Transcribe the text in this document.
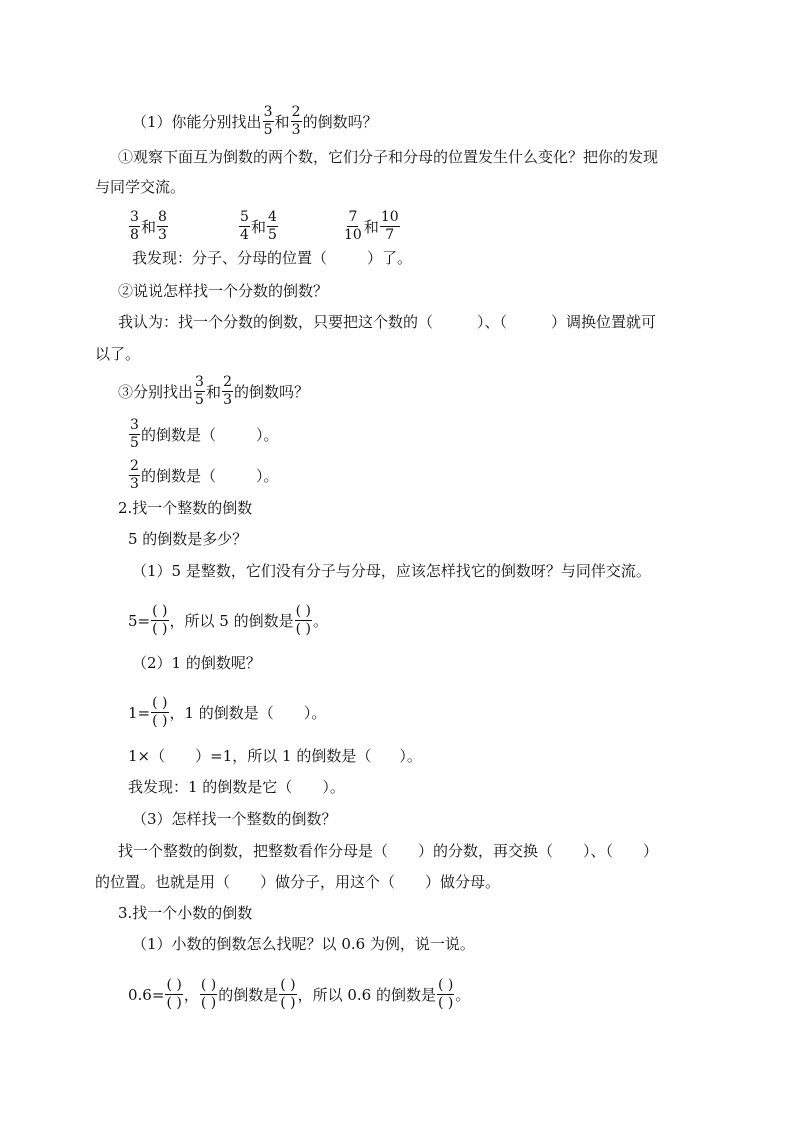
（1）你能分别找出 $\frac{3}{5}$ 和 $\frac{2}{3}$ 的倒数吗？
①观察下面互为倒数的两个数，它们分子和分母的位置发生什么变化？把你的发现
与同学交流。
$\frac{3}{8}$ 和 $\frac{8}{3}$	$\frac{5}{4}$ 和 $\frac{4}{5}$	$\frac{7}{10}$ 和 $\frac{10}{7}$
我发现：分子、分母的位置（	）了。
②说说怎样找一个分数的倒数？
我认为：找一个分数的倒数，只要把这个数的（	）、（	）调换位置就可
以了。
③分别找出 $\frac{3}{5}$ 和 $\frac{2}{3}$ 的倒数吗？
$\frac{3}{5}$ 的倒数是（	）。
$\frac{2}{3}$ 的倒数是（	）。
2.找一个整数的倒数
5 的倒数是多少？
（1）5 是整数，它们没有分子与分母，应该怎样找它的倒数呀？与同伴交流。
$5= \frac{( )}{( )}$ ，所以 5 的倒数是 $\frac{( )}{( )}$ 。
（2）1 的倒数呢？
$1= \frac{( )}{( )}$ ，1 的倒数是（ ）。
1×（ ）=1，所以 1 的倒数是（ ）。
我发现：1 的倒数是它（ ）。
（3）怎样找一个整数的倒数？
找一个整数的倒数，把整数看作分母是（ ）的分数，再交换（ ）、（ ）
的位置。也就是用（ ）做分子，用这个（ ）做分母。
3.找一个小数的倒数
（1）小数的倒数怎么找呢？以 0.6 为例，说一说。
$0.6= \frac{( )}{( )}$ ， $\frac{( )}{( )}$ 的倒数是 $\frac{( )}{( )}$ ，所以 0.6 的倒数是 $\frac{( )}{( )}$ 。
